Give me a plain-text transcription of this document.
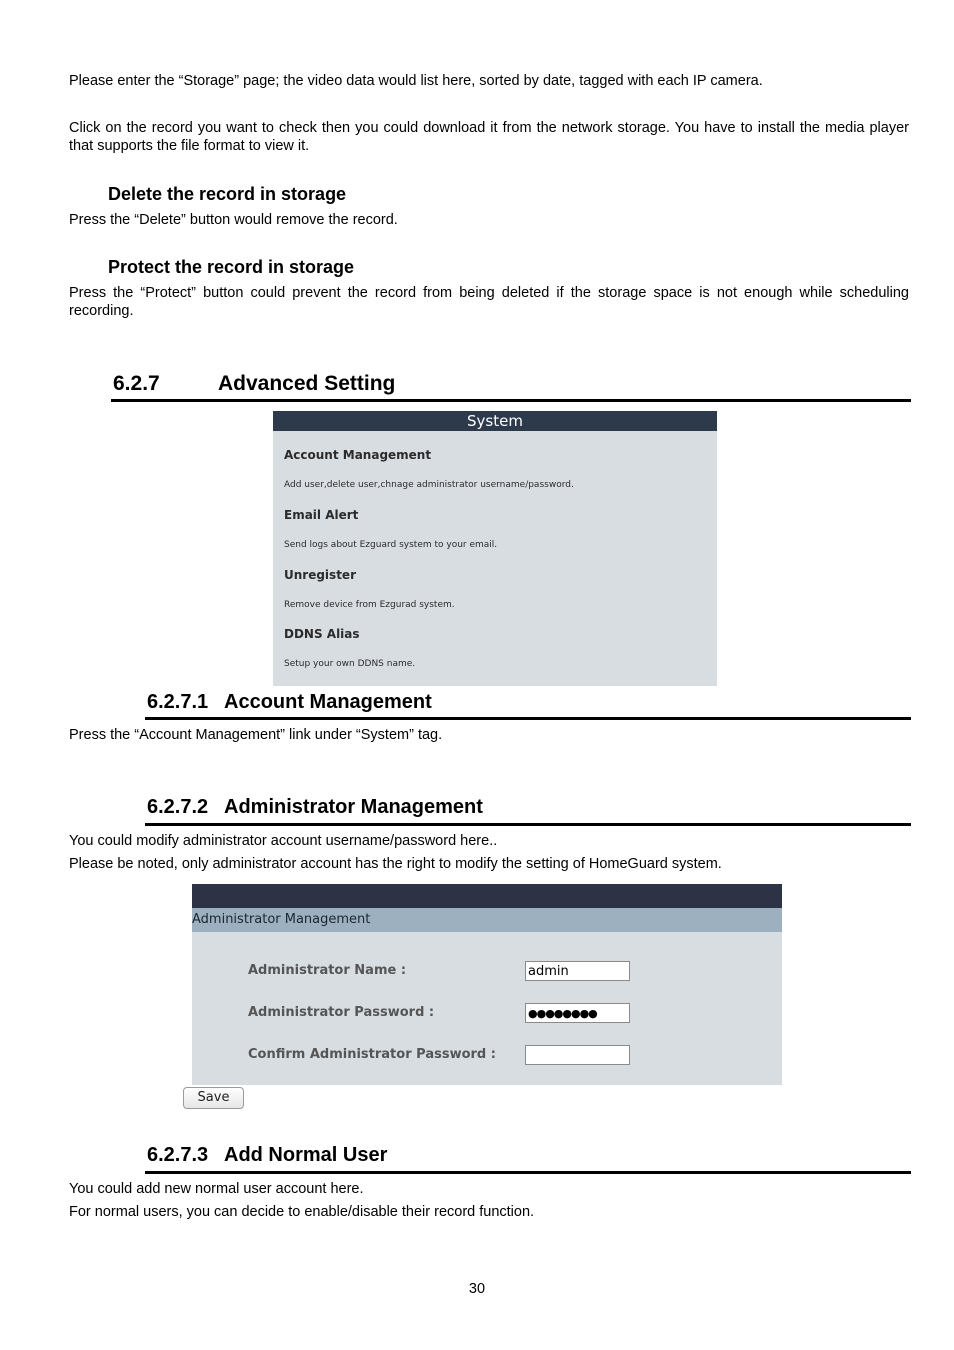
Please enter the “Storage” page; the video data would list here, sorted by date, tagged with each IP camera.
Click on the record you want to check then you could download it from the network storage. You have to install the media player that supports the file format to view it.
Delete the record in storage
Press the “Delete” button would remove the record.
Protect the record in storage
Press the “Protect” button could prevent the record from being deleted if the storage space is not enough while scheduling recording.
6.2.7	Advanced Setting
System
Account Management
Add user,delete user,chnage administrator username/password.
Email Alert
Send logs about Ezguard system to your email.
Unregister
Remove device from Ezgurad system.
DDNS Alias
Setup your own DDNS name.
6.2.7.1 Account Management
Press the “Account Management” link under “System” tag.
6.2.7.2 Administrator Management
You could modify administrator account username/password here..
Please be noted, only administrator account has the right to modify the setting of HomeGuard system.
Administrator Management
Administrator Name :	admin
Administrator Password :	●●●●●●●●
Confirm Administrator Password :
Save
6.2.7.3 Add Normal User
You could add new normal user account here.
For normal users, you can decide to enable/disable their record function.
30
